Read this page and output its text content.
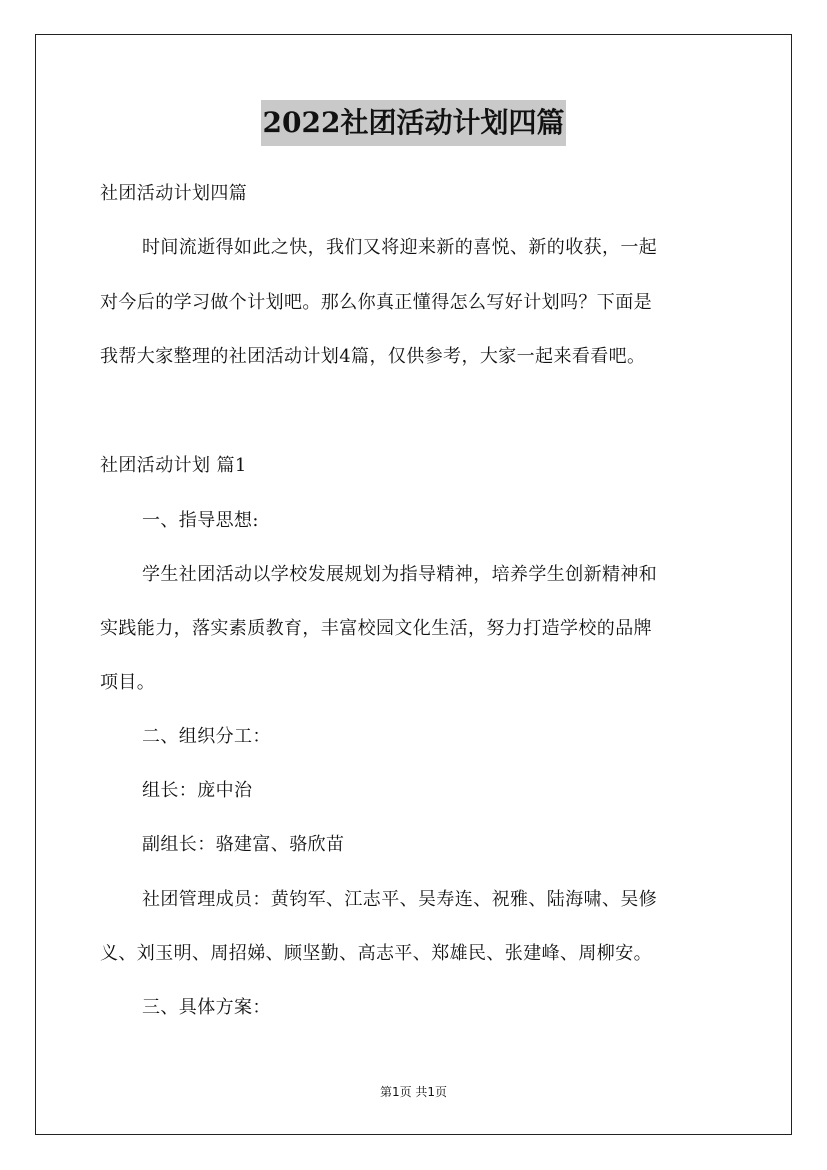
2022社团活动计划四篇
社团活动计划四篇
时间流逝得如此之快，我们又将迎来新的喜悦、新的收获，一起
对今后的学习做个计划吧。那么你真正懂得怎么写好计划吗？下面是
我帮大家整理的社团活动计划4篇，仅供参考，大家一起来看看吧。
社团活动计划 篇1
一、指导思想:
学生社团活动以学校发展规划为指导精神，培养学生创新精神和
实践能力，落实素质教育，丰富校园文化生活，努力打造学校的品牌
项目。
二、组织分工：
组长：庞中治
副组长：骆建富、骆欣苗
社团管理成员：黄钧军、江志平、吴寿连、祝雅、陆海啸、吴修
义、刘玉明、周招娣、顾坚勤、高志平、郑雄民、张建峰、周柳安。
三、具体方案：
第1页 共1页
